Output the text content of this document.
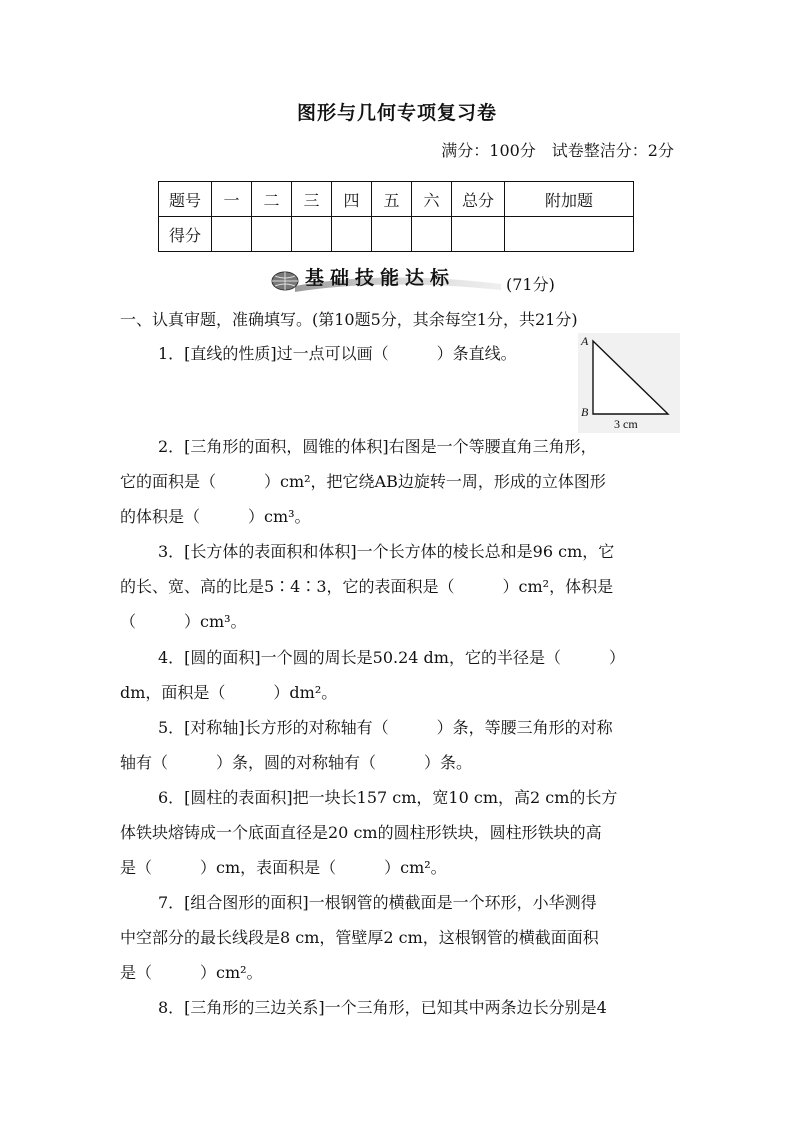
图形与几何专项复习卷
满分：100分　试卷整洁分：2分
题号	一	二	三	四	五	六	总分	附加题
得分								
基础技能达标	(71分)
一、认真审题，准确填写。(第10题5分，其余每空1分，共21分)
A
B
3 cm
1．[直线的性质]过一点可以画（　　　）条直线。
2．[三角形的面积，圆锥的体积]右图是一个等腰直角三角形，
它的面积是（　　　）cm²，把它绕AB边旋转一周，形成的立体图形
的体积是（　　　）cm³。
3．[长方体的表面积和体积]一个长方体的棱长总和是96 cm，它
的长、宽、高的比是5∶4∶3，它的表面积是（　　　）cm²，体积是
（　　　）cm³。
4．[圆的面积]一个圆的周长是50.24 dm，它的半径是（　　　）
dm，面积是（　　　）dm²。
5．[对称轴]长方形的对称轴有（　　　）条，等腰三角形的对称
轴有（　　　）条，圆的对称轴有（　　　）条。
6．[圆柱的表面积]把一块长157 cm，宽10 cm，高2 cm的长方
体铁块熔铸成一个底面直径是20 cm的圆柱形铁块，圆柱形铁块的高
是（　　　）cm，表面积是（　　　）cm²。
7．[组合图形的面积]一根钢管的横截面是一个环形，小华测得
中空部分的最长线段是8 cm，管壁厚2 cm，这根钢管的横截面面积
是（　　　）cm²。
8．[三角形的三边关系]一个三角形，已知其中两条边长分别是4
